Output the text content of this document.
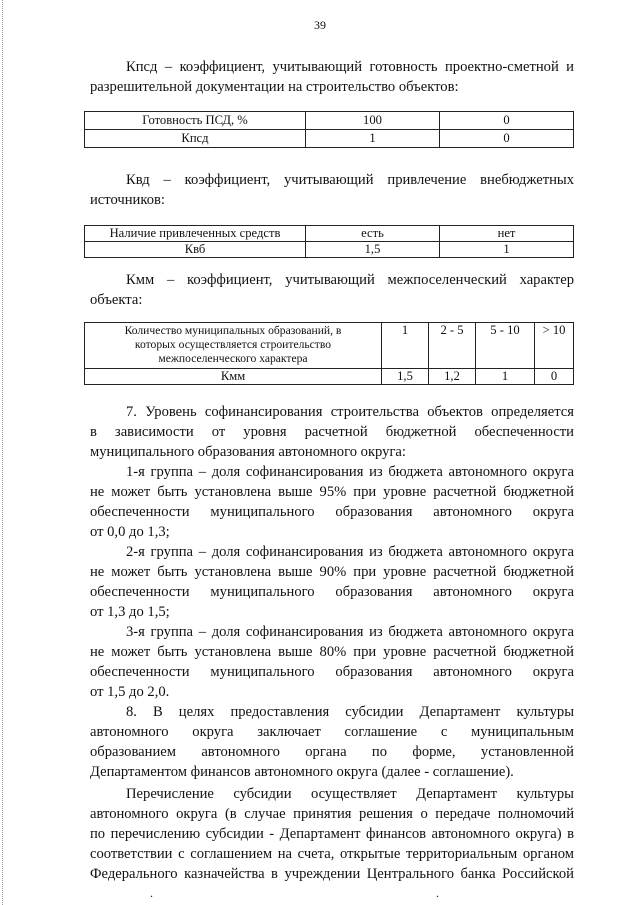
39

Кпсд – коэффициент, учитывающий готовность проектно-сметной и

разрешительной документации на строительство объектов:

Готовность ПСД, %	100	0
Кпсд	1	0

Квд – коэффициент, учитывающий привлечение внебюджетных

источников:

Наличие привлеченных средств	есть	нет
Квб	1,5	1

Кмм – коэффициент, учитывающий межпоселенческий характер

объекта:

Количество муниципальных образований, в
которых осуществляется строительство
межпоселенческого характера	1	2 - 5	5 - 10	> 10
Кмм	1,5	1,2	1	0

7. Уровень софинансирования строительства объектов определяется

в зависимости от уровня расчетной бюджетной обеспеченности

муниципального образования автономного округа:

1-я группа – доля софинансирования из бюджета автономного округа

не может быть установлена выше 95% при уровне расчетной бюджетной

обеспеченности муниципального образования автономного округа

от 0,0 до 1,3;

2-я группа – доля софинансирования из бюджета автономного округа

не может быть установлена выше 90% при уровне расчетной бюджетной

обеспеченности муниципального образования автономного округа

от 1,3 до 1,5;

3-я группа – доля софинансирования из бюджета автономного округа

не может быть установлена выше 80% при уровне расчетной бюджетной

обеспеченности муниципального образования автономного округа

от 1,5 до 2,0.

8. В целях предоставления субсидии Департамент культуры

автономного округа заключает соглашение с муниципальным

образованием автономного органа по форме, установленной

Департаментом финансов автономного округа (далее - соглашение).

Перечисление субсидии осуществляет Департамент культуры

автономного округа (в случае принятия решения о передаче полномочий

по перечислению субсидии - Департамент финансов автономного округа) в

соответствии с соглашением на счета, открытые территориальным органом

Федерального казначейства в учреждении Центрального банка Российской

.	.
